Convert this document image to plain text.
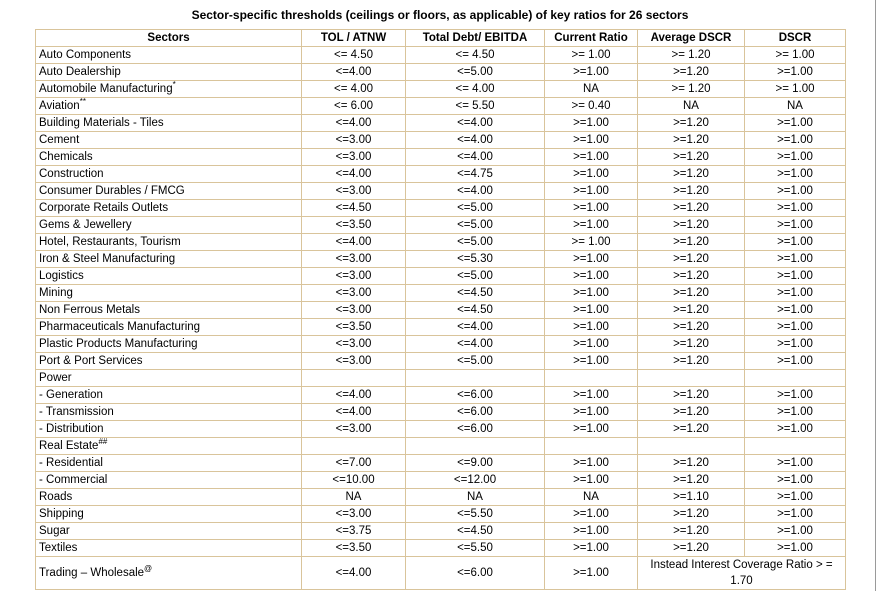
Sector-specific thresholds (ceilings or floors, as applicable) of key ratios for 26 sectors
Sectors	TOL / ATNW	Total Debt/ EBITDA	Current Ratio	Average DSCR	DSCR
Auto Components	<= 4.50	<= 4.50	>= 1.00	>= 1.20	>= 1.00
Auto Dealership	<=4.00	<=5.00	>=1.00	>=1.20	>=1.00
Automobile Manufacturing*	<= 4.00	<= 4.00	NA	>= 1.20	>= 1.00
Aviation**	<= 6.00	<= 5.50	>= 0.40	NA	NA
Building Materials - Tiles	<=4.00	<=4.00	>=1.00	>=1.20	>=1.00
Cement	<=3.00	<=4.00	>=1.00	>=1.20	>=1.00
Chemicals	<=3.00	<=4.00	>=1.00	>=1.20	>=1.00
Construction	<=4.00	<=4.75	>=1.00	>=1.20	>=1.00
Consumer Durables / FMCG	<=3.00	<=4.00	>=1.00	>=1.20	>=1.00
Corporate Retails Outlets	<=4.50	<=5.00	>=1.00	>=1.20	>=1.00
Gems & Jewellery	<=3.50	<=5.00	>=1.00	>=1.20	>=1.00
Hotel, Restaurants, Tourism	<=4.00	<=5.00	>= 1.00	>=1.20	>=1.00
Iron & Steel Manufacturing	<=3.00	<=5.30	>=1.00	>=1.20	>=1.00
Logistics	<=3.00	<=5.00	>=1.00	>=1.20	>=1.00
Mining	<=3.00	<=4.50	>=1.00	>=1.20	>=1.00
Non Ferrous Metals	<=3.00	<=4.50	>=1.00	>=1.20	>=1.00
Pharmaceuticals Manufacturing	<=3.50	<=4.00	>=1.00	>=1.20	>=1.00
Plastic Products Manufacturing	<=3.00	<=4.00	>=1.00	>=1.20	>=1.00
Port & Port Services	<=3.00	<=5.00	>=1.00	>=1.20	>=1.00
Power					
- Generation	<=4.00	<=6.00	>=1.00	>=1.20	>=1.00
- Transmission	<=4.00	<=6.00	>=1.00	>=1.20	>=1.00
- Distribution	<=3.00	<=6.00	>=1.00	>=1.20	>=1.00
Real Estate##					
- Residential	<=7.00	<=9.00	>=1.00	>=1.20	>=1.00
- Commercial	<=10.00	<=12.00	>=1.00	>=1.20	>=1.00
Roads	NA	NA	NA	>=1.10	>=1.00
Shipping	<=3.00	<=5.50	>=1.00	>=1.20	>=1.00
Sugar	<=3.75	<=4.50	>=1.00	>=1.20	>=1.00
Textiles	<=3.50	<=5.50	>=1.00	>=1.20	>=1.00
Trading – Wholesale@	<=4.00	<=6.00	>=1.00	Instead Interest Coverage Ratio > = 1.70	
